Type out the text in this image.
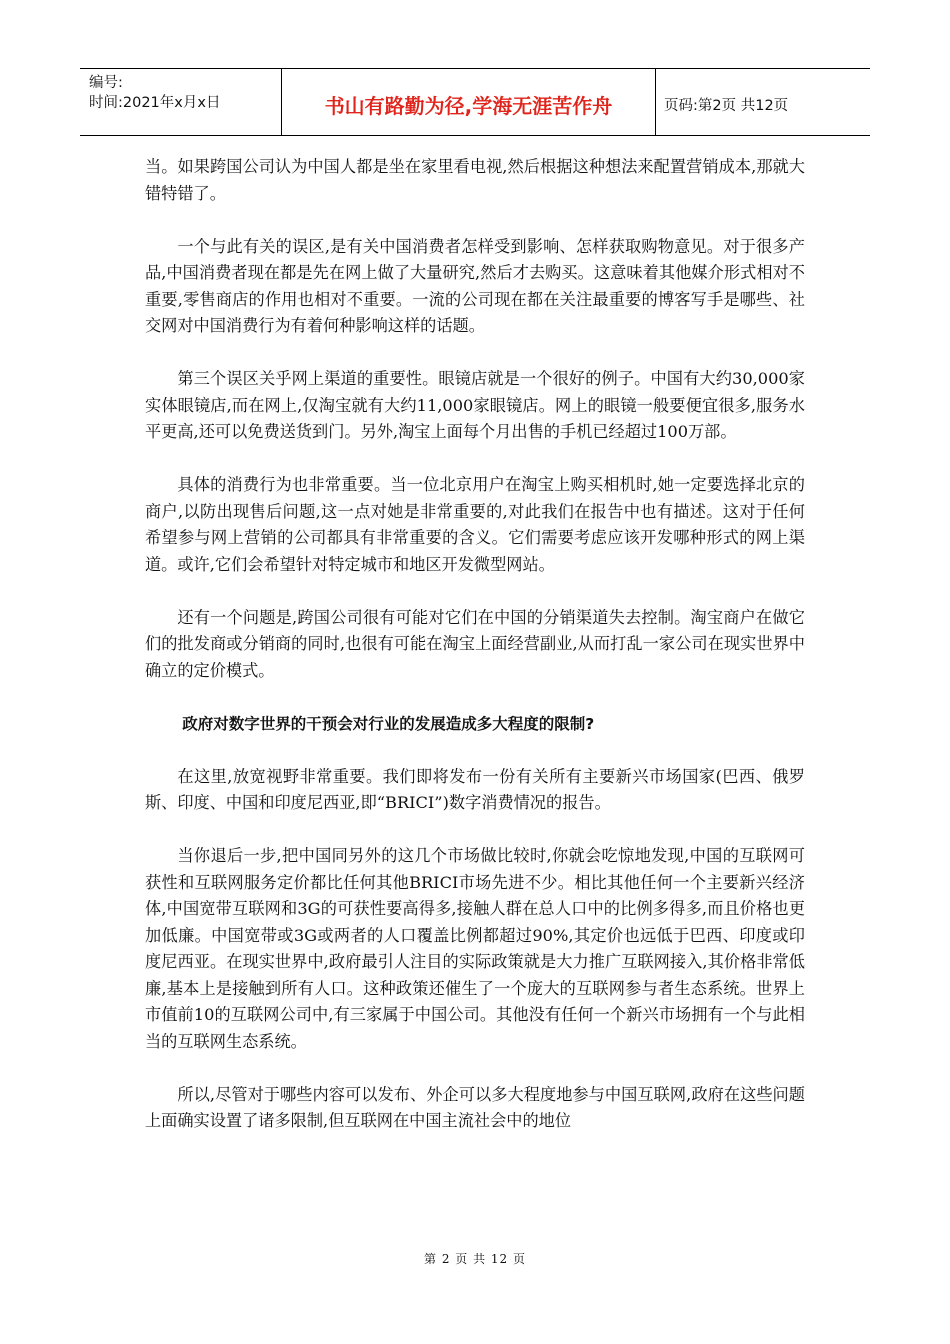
编号:
时间:2021年x月x日	书山有路勤为径,学海无涯苦作舟	页码:第2页 共12页

当。如果跨国公司认为中国人都是坐在家里看电视,然后根据这种想法来配置营销成本,那就大错特错了。

一个与此有关的误区,是有关中国消费者怎样受到影响、怎样获取购物意见。对于很多产品,中国消费者现在都是先在网上做了大量研究,然后才去购买。这意味着其他媒介形式相对不重要,零售商店的作用也相对不重要。一流的公司现在都在关注最重要的博客写手是哪些、社交网对中国消费行为有着何种影响这样的话题。

第三个误区关乎网上渠道的重要性。眼镜店就是一个很好的例子。中国有大约30,000家实体眼镜店,而在网上,仅淘宝就有大约11,000家眼镜店。网上的眼镜一般要便宜很多,服务水平更高,还可以免费送货到门。另外,淘宝上面每个月出售的手机已经超过100万部。

具体的消费行为也非常重要。当一位北京用户在淘宝上购买相机时,她一定要选择北京的商户,以防出现售后问题,这一点对她是非常重要的,对此我们在报告中也有描述。这对于任何希望参与网上营销的公司都具有非常重要的含义。它们需要考虑应该开发哪种形式的网上渠道。或许,它们会希望针对特定城市和地区开发微型网站。

还有一个问题是,跨国公司很有可能对它们在中国的分销渠道失去控制。淘宝商户在做它们的批发商或分销商的同时,也很有可能在淘宝上面经营副业,从而打乱一家公司在现实世界中确立的定价模式。

政府对数字世界的干预会对行业的发展造成多大程度的限制?

在这里,放宽视野非常重要。我们即将发布一份有关所有主要新兴市场国家(巴西、俄罗斯、印度、中国和印度尼西亚,即“BRICI”)数字消费情况的报告。

当你退后一步,把中国同另外的这几个市场做比较时,你就会吃惊地发现,中国的互联网可获性和互联网服务定价都比任何其他BRICI市场先进不少。相比其他任何一个主要新兴经济体,中国宽带互联网和3G的可获性要高得多,接触人群在总人口中的比例多得多,而且价格也更加低廉。中国宽带或3G或两者的人口覆盖比例都超过90%,其定价也远低于巴西、印度或印度尼西亚。在现实世界中,政府最引人注目的实际政策就是大力推广互联网接入,其价格非常低廉,基本上是接触到所有人口。这种政策还催生了一个庞大的互联网参与者生态系统。世界上市值前10的互联网公司中,有三家属于中国公司。其他没有任何一个新兴市场拥有一个与此相当的互联网生态系统。

所以,尽管对于哪些内容可以发布、外企可以多大程度地参与中国互联网,政府在这些问题上面确实设置了诸多限制,但互联网在中国主流社会中的地位

第 2 页 共 12 页
